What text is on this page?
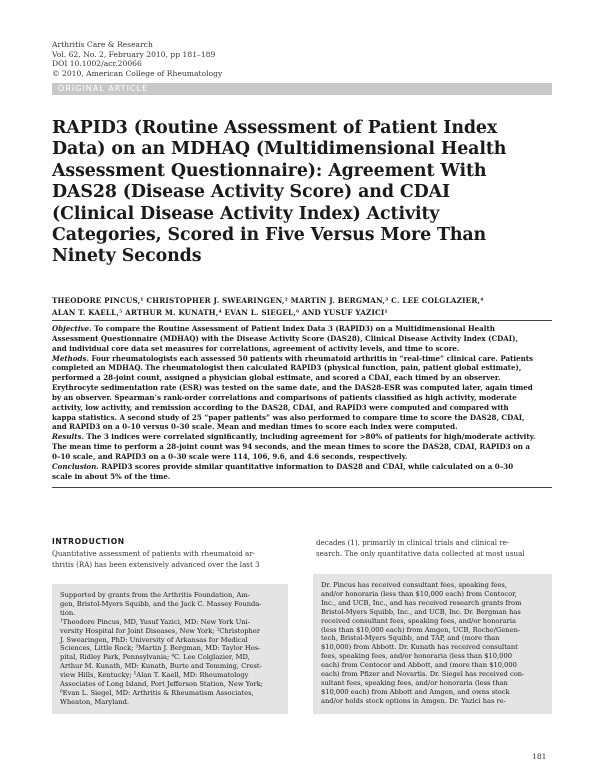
Arthritis Care & Research
Vol. 62, No. 2, February 2010, pp 181–189
DOI 10.1002/acr.20066
© 2010, American College of Rheumatology
ORIGINAL ARTICLE
RAPID3 (Routine Assessment of Patient Index
Data) on an MDHAQ (Multidimensional Health
Assessment Questionnaire): Agreement With
DAS28 (Disease Activity Score) and CDAI
(Clinical Disease Activity Index) Activity
Categories, Scored in Five Versus More Than
Ninety Seconds
THEODORE PINCUS,¹ CHRISTOPHER J. SWEARINGEN,² MARTIN J. BERGMAN,³ C. LEE COLGLAZIER,⁴
ALAN T. KAELL,⁵ ARTHUR M. KUNATH,⁴ EVAN L. SIEGEL,⁶ AND YUSUF YAZICI¹
Objective. To compare the Routine Assessment of Patient Index Data 3 (RAPID3) on a Multidimensional Health
Assessment Questionnaire (MDHAQ) with the Disease Activity Score (DAS28), Clinical Disease Activity Index (CDAI),
and individual core data set measures for correlations, agreement of activity levels, and time to score.
Methods. Four rheumatologists each assessed 50 patients with rheumatoid arthritis in “real-time” clinical care. Patients
completed an MDHAQ. The rheumatologist then calculated RAPID3 (physical function, pain, patient global estimate),
performed a 28-joint count, assigned a physician global estimate, and scored a CDAI, each timed by an observer.
Erythrocyte sedimentation rate (ESR) was tested on the same date, and the DAS28-ESR was computed later, again timed
by an observer. Spearman’s rank-order correlations and comparisons of patients classified as high activity, moderate
activity, low activity, and remission according to the DAS28, CDAI, and RAPID3 were computed and compared with
kappa statistics. A second study of 25 “paper patients” was also performed to compare time to score the DAS28, CDAI,
and RAPID3 on a 0–10 versus 0–30 scale. Mean and median times to score each index were computed.
Results. The 3 indices were correlated significantly, including agreement for >80% of patients for high/moderate activity.
The mean time to perform a 28-joint count was 94 seconds, and the mean times to score the DAS28, CDAI, RAPID3 on a
0–10 scale, and RAPID3 on a 0–30 scale were 114, 106, 9.6, and 4.6 seconds, respectively.
Conclusion. RAPID3 scores provide similar quantitative information to DAS28 and CDAI, while calculated on a 0–30
scale in about 5% of the time.
INTRODUCTION
Quantitative assessment of patients with rheumatoid ar-
thritis (RA) has been extensively advanced over the last 3
decades (1), primarily in clinical trials and clinical re-
search. The only quantitative data collected at most usual
Supported by grants from the Arthritis Foundation, Am-
gen, Bristol-Myers Squibb, and the Jack C. Massey Founda-
tion.
¹Theodore Pincus, MD, Yusuf Yazici, MD: New York Uni-
versity Hospital for Joint Diseases, New York; ²Christopher
J. Swearingen, PhD: University of Arkansas for Medical
Sciences, Little Rock; ³Martin J. Bergman, MD: Taylor Hos-
pital, Ridley Park, Pennsylvania; ⁴C. Lee Colglazier, MD,
Arthur M. Kunath, MD: Kunath, Burte and Temming, Crest-
view Hills, Kentucky; ⁵Alan T. Kaell, MD: Rheumatology
Associates of Long Island, Port Jefferson Station, New York;
⁶Evan L. Siegel, MD: Arthritis & Rheumatism Associates,
Wheaton, Maryland.
Dr. Pincus has received consultant fees, speaking fees,
and/or honoraria (less than $10,000 each) from Centocor,
Inc., and UCB, Inc., and has received research grants from
Bristol-Myers Squibb, Inc., and UCB, Inc. Dr. Bergman has
received consultant fees, speaking fees, and/or honoraria
(less than $10,000 each) from Amgen, UCB, Roche/Genen-
tech, Bristol-Myers Squibb, and TAP, and (more than
$10,000) from Abbott. Dr. Kunath has received consultant
fees, speaking fees, and/or honoraria (less than $10,000
each) from Centocor and Abbott, and (more than $10,000
each) from Pfizer and Novartis. Dr. Siegel has received con-
sultant fees, speaking fees, and/or honoraria (less than
$10,000 each) from Abbott and Amgen, and owns stock
and/or holds stock options in Amgen. Dr. Yazici has re-
181
